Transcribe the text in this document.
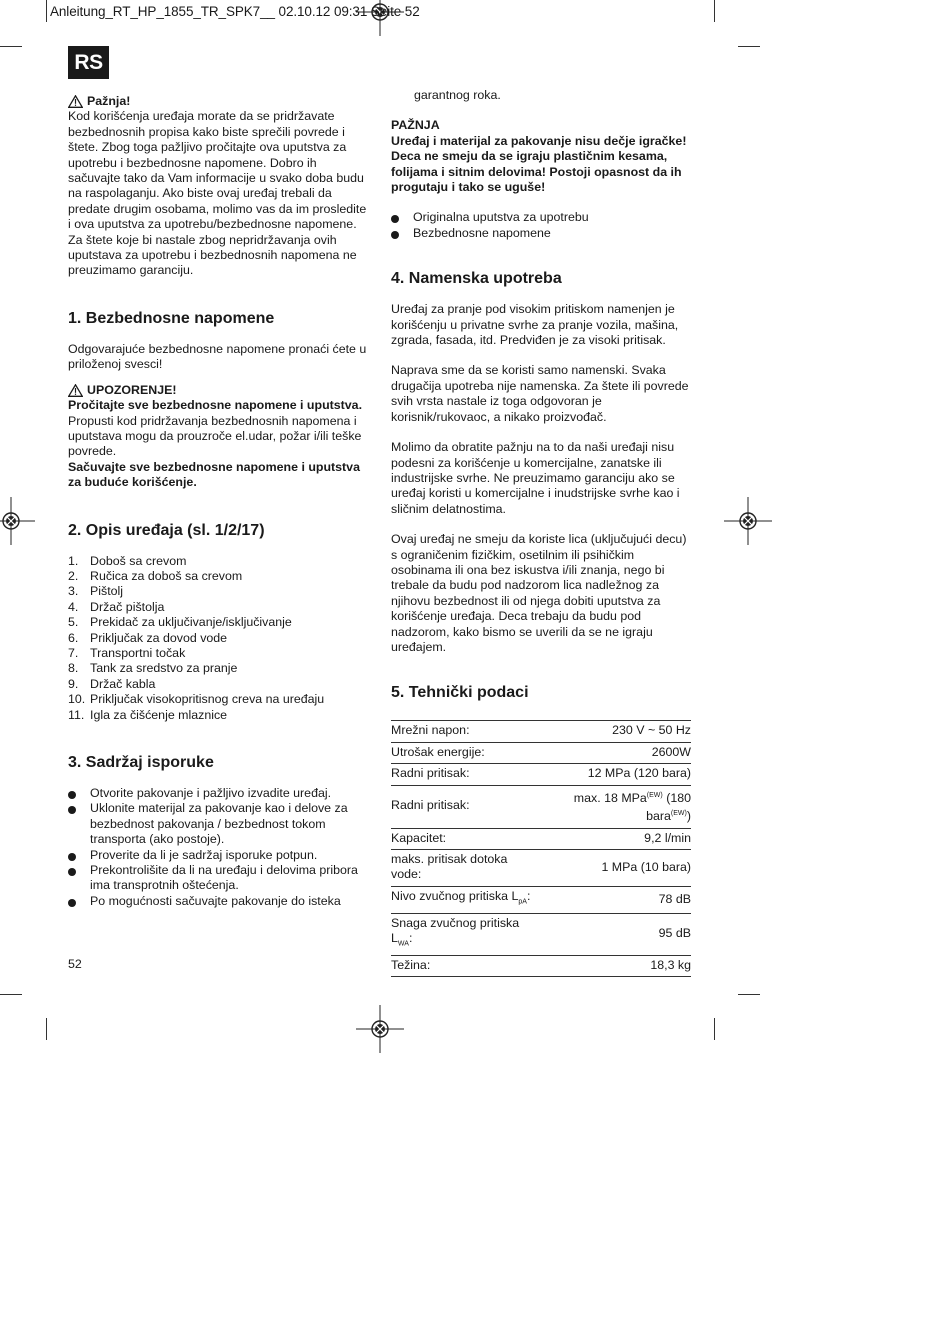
Anleitung_RT_HP_1855_TR_SPK7__ 02.10.12 09:31 Seite 52
RS
Pažnja!

Kod korišćenja uređaja morate da se pridržavate bezbednosnih propisa kako biste sprečili povrede i štete. Zbog toga pažljivo pročitajte ova uputstva za upotrebu i bezbednosne napomene. Dobro ih sačuvajte tako da Vam informacije u svako doba budu na raspolaganju. Ako biste ovaj uređaj trebali da predate drugim osobama, molimo vas da im prosledite i ova uputstva za upotrebu/bezbednosne napomene.

Za štete koje bi nastale zbog nepridržavanja ovih uputstava za upotrebu i bezbednosnih napomena ne preuzimamo garanciju.

1. Bezbednosne napomene

Odgovarajuće bezbednosne napomene pronaći ćete u priloženoj svesci!

UPOZORENJE!

Pročitajte sve bezbednosne napomene i uputstva.

Propusti kod pridržavanja bezbednosnih napomena i uputstava mogu da prouzroče el.udar, požar i/ili teške povrede.

Sačuvajte sve bezbednosne napomene i uputstva za buduće korišćenje.

2. Opis uređaja (sl. 1/2/17)
1. Doboš sa crevom
2. Ručica za doboš sa crevom
3. Pištolj
4. Držač pištolja
5. Prekidač za uključivanje/isključivanje
6. Priključak za dovod vode
7. Transportni točak
8. Tank za sredstvo za pranje
9. Držač kabla
10. Priključak visokopritisnog creva na uređaju
11. Igla za čišćenje mlaznice
3. Sadržaj isporuke
Otvorite pakovanje i pažljivo izvadite uređaj.
Uklonite materijal za pakovanje kao i delove za bezbednost pakovanja / bezbednost tokom transporta (ako postoje).
Proverite da li je sadržaj isporuke potpun.
Prekontrolišite da li na uređaju i delovima pribora ima transprotnih oštećenja.
Po mogućnosti sačuvajte pakovanje do isteka

garantnog roka.

PAŽNJA

Uređaj i materijal za pakovanje nisu dečje igračke! Deca ne smeju da se igraju plastičnim kesama, folijama i sitnim delovima! Postoji opasnost da ih progutaju i tako se uguše!

Originalna uputstva za upotrebu
Bezbednosne napomene
4. Namenska upotreba

Uređaj za pranje pod visokim pritiskom namenjen je korišćenju u privatne svrhe za pranje vozila, mašina, zgrada, fasada, itd. Predviđen je za visoki pritisak.

Naprava sme da se koristi samo namenski. Svaka drugačija upotreba nije namenska. Za štete ili povrede svih vrsta nastale iz toga odgovoran je korisnik/rukovaoc, a nikako proizvođač.

Molimo da obratite pažnju na to da naši uređaji nisu podesni za korišćenje u komercijalne, zanatske ili industrijske svrhe. Ne preuzimamo garanciju ako se uređaj koristi u komercijalne i inudstrijske svrhe kao i sličnim delatnostima.

Ovaj uređaj ne smeju da koriste lica (uključujući decu) s ograničenim fizičkim, osetilnim ili psihičkim osobinama ili ona bez iskustva i/ili znanja, nego bi trebale da budu pod nadzorom lica nadležnog za njihovu bezbednost ili od njega dobiti uputstva za korišćenje uređaja. Deca trebaju da budu pod nadzorom, kako bismo se uverili da se ne igraju uređajem.

5. Tehnički podaci
Mrežni napon:	230 V ~ 50 Hz
Utrošak energije:	2600W
Radni pritisak:	12 MPa (120 bara)
Radni pritisak:	max. 18 MPa$^{(EW)}$ (180 bara$^{(EW)}$)
Kapacitet:	9,2 l/min
maks. pritisak dotoka vode:	1 MPa (10 bara)
Nivo zvučnog pritiska $L_{pA}$:	78 dB
Snaga zvučnog pritiska $L_{WA}$:	95 dB
Težina:	18,3 kg
52
